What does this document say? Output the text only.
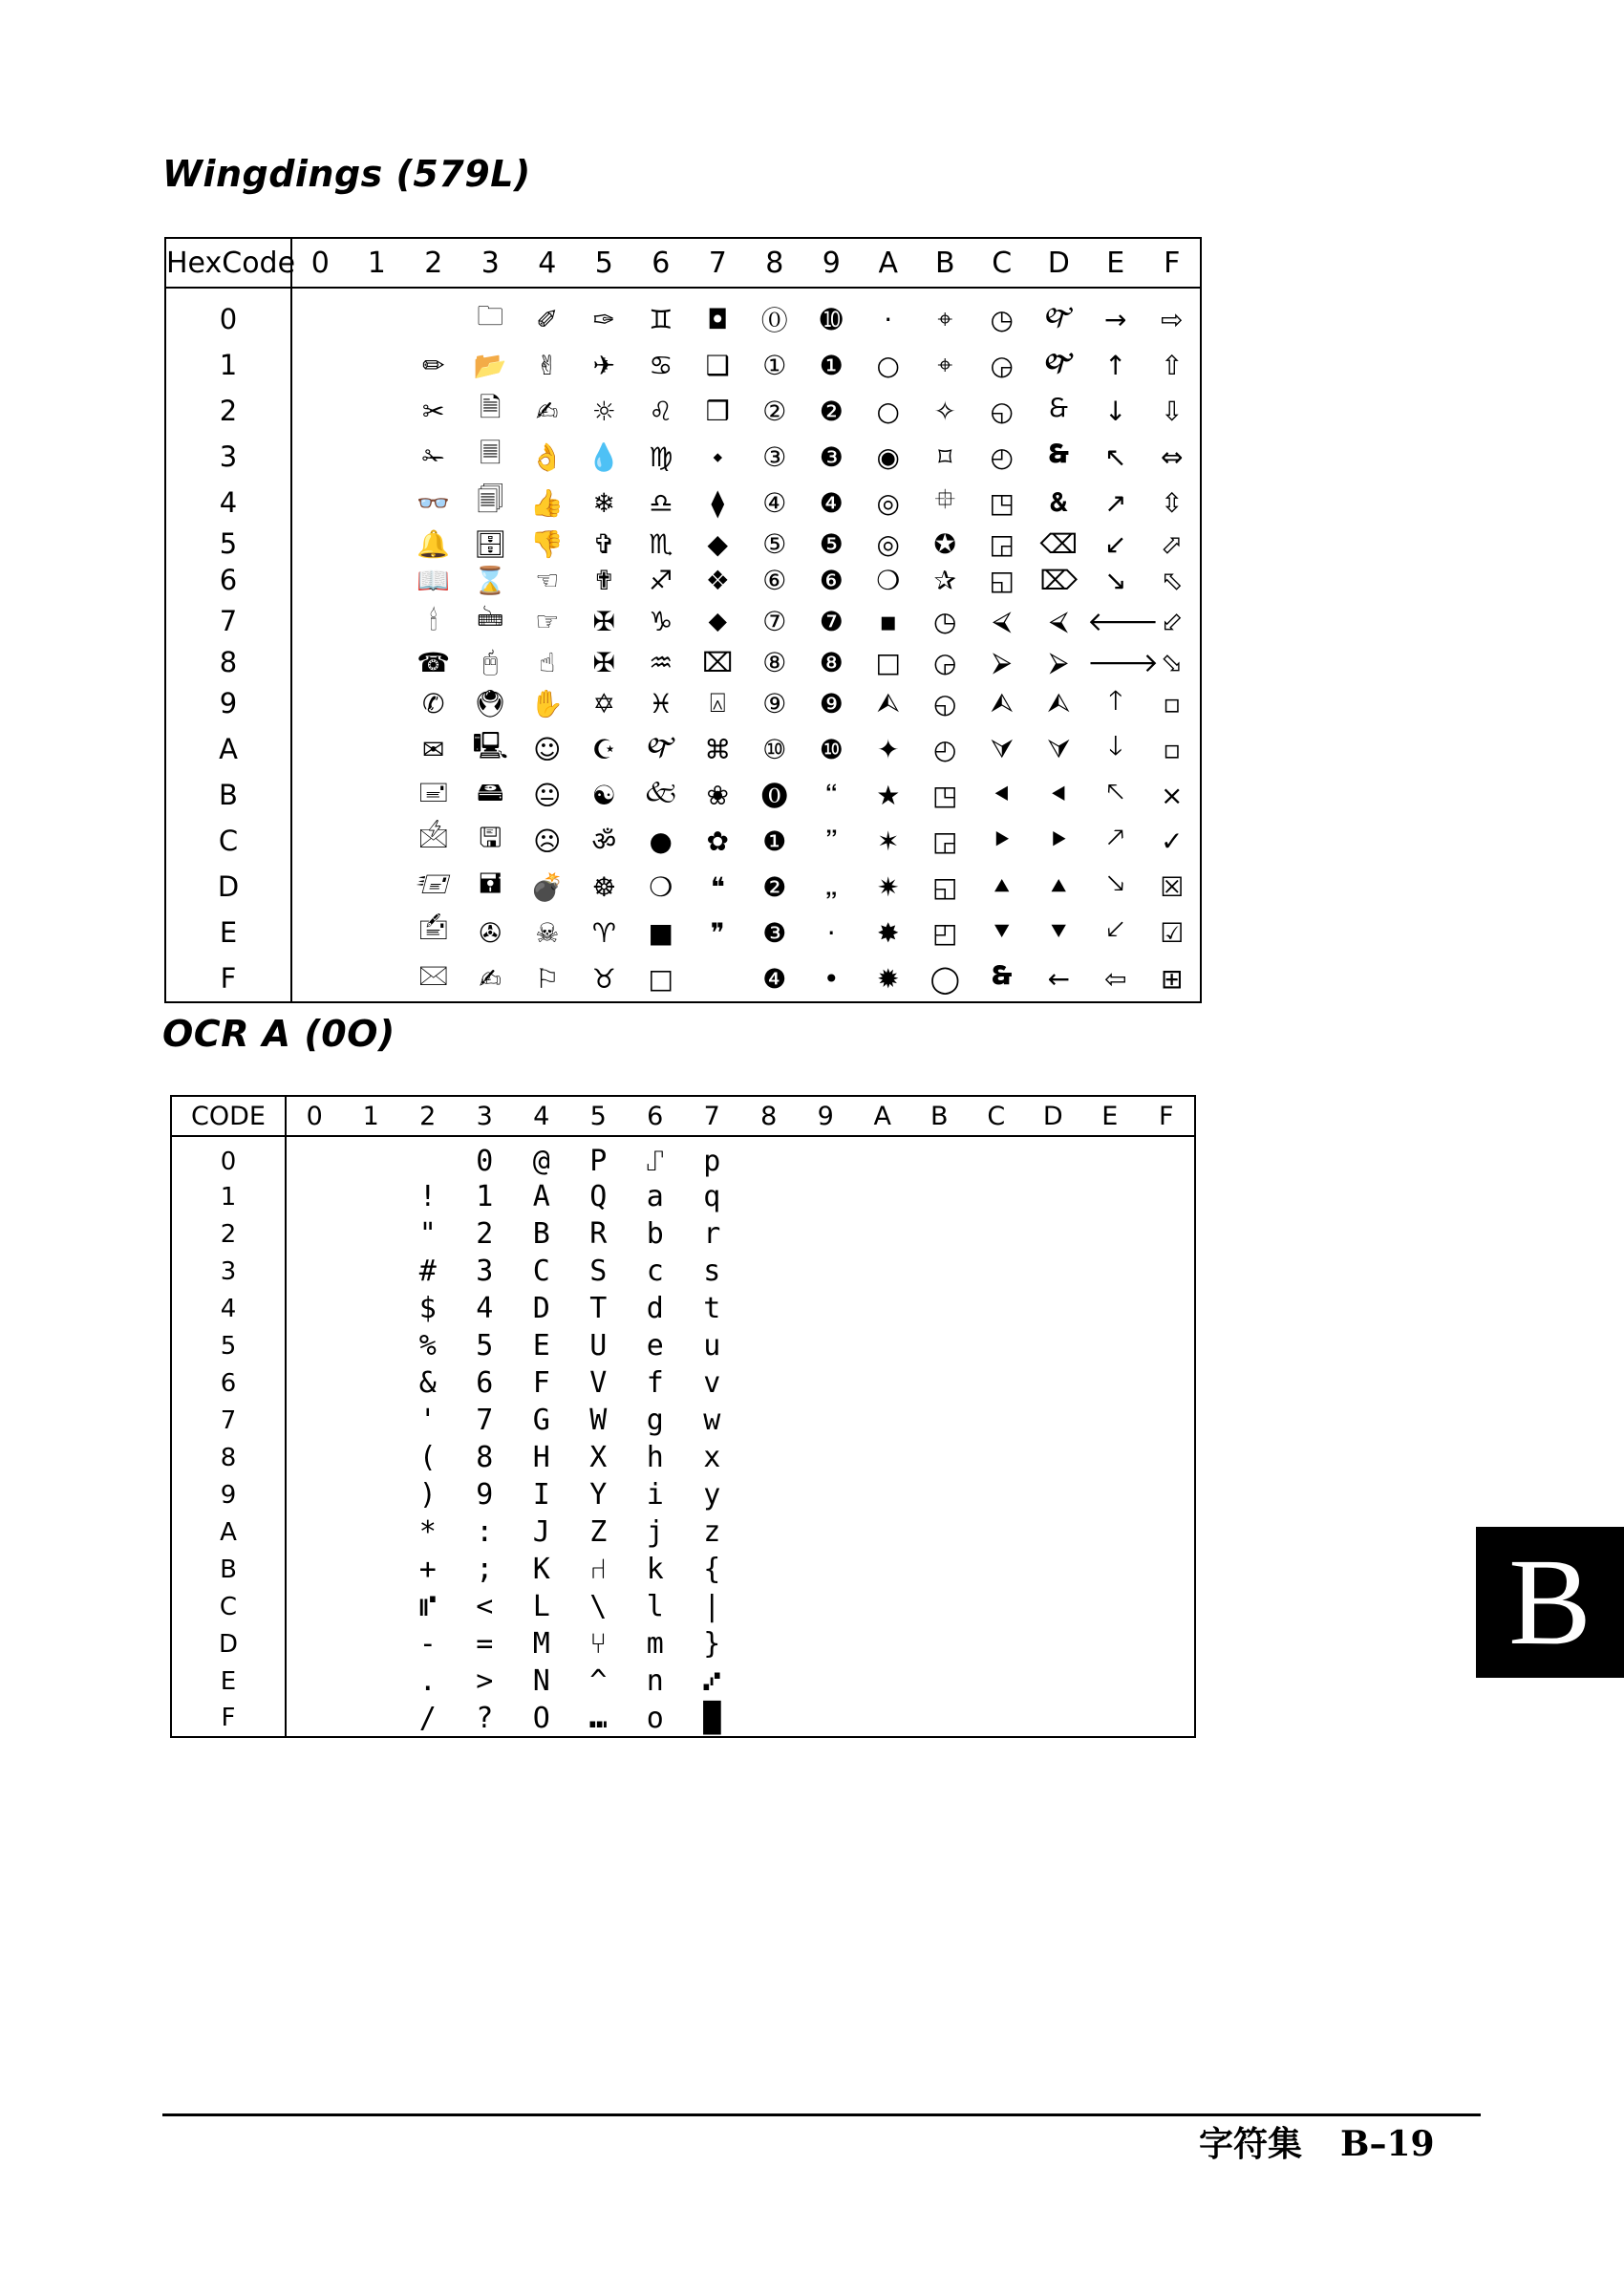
Wingdings (579L)
HexCode	0	1	2	3	4	5	6	7	8	9	A	B	C	D	E	F
0				🗀	✐	✑	♊	◘	⓪	➓	·	⌖	◷	🙰	→	⇨
1			✏	📂	✌	✈	♋	❑	①	❶	○	⌖	◶	🙱	↑	⇧
2			✂	🗎	✍	☼	♌	❒	②	❷	○	✧	◵	🙲	↓	⇩
3			✁	🗏	👌	💧	♍	⬩	③	❸	◉	⌑	◴	🙳	↖	⇔
4			👓	🗐	👍	❄	♎	⧫	④	❹	◎	⯐	◳	🙴	↗	⇳
5			🔔	🗄	👎	✞	♏	◆	⑤	❺	◎	✪	◲	⌫	↙	⬀
6			📖	⌛	☜	✟	♐	❖	⑥	❻	❍	✰	◱	⌦	↘	⬁
7			🕯	🖮	☞	✠	♑	⬥	⑦	❼	▪	◷	⮘	⮘	🡐	⬃
8			☎	🖰	☝	✠	♒	⌧	⑧	❽	□	◶	⮚	⮚	🡒	⬂
9			✆	🖲	✋	✡	♓	⍓	⑨	❾	⮙	◵	⮙	⮙	🡑	▫
A			✉	🖳	☺	☪	🙰	⌘	⑩	❿	✦	◴	⮛	⮛	🡓	▫
B			🖃	🖴	😐	☯	🙵	❀	⓿	🙶	★	◳	⯇	⯇	🡔	×
C			🖄	🖫	☹	ॐ	●	✿	❶	🙷	✶	◲	⯈	⯈	🡕	✓
D			🖅	🖬	💣	☸	❍	❝	❷	🙸	✷	◱	⯅	⯅	🡖	☒
E			🖆	✇	☠	♈	■	❞	❸	·	✸	◰	⯆	⯆	🡗	☑
F			🖂	✍	⚐	♉	□		❹	•	✹	◯	🙳	←	⇦	⊞
OCR A (0O)
CODE	0	1	2	3	4	5	6	7	8	9	A	B	C	D	E	F
0				0	@	P	⑀	p								
1			!	1	A	Q	a	q								
2			"	2	B	R	b	r								
3			#	3	C	S	c	s								
4			$	4	D	T	d	t								
5			%	5	E	U	e	u								
6			&	6	F	V	f	v								
7			'	7	G	W	g	w								
8			(	8	H	X	h	x								
9			)	9	I	Y	i	y								
A			*	:	J	Z	j	z								
B			+	;	K	⑁	k	{								
C			⑈	<	L	\	l	|								
D			-	=	M	⑂	m	}								
E			.	>	N	^	n	⑇								
F			/	?	O	⑉	o	█								
B
字符集 B–19
